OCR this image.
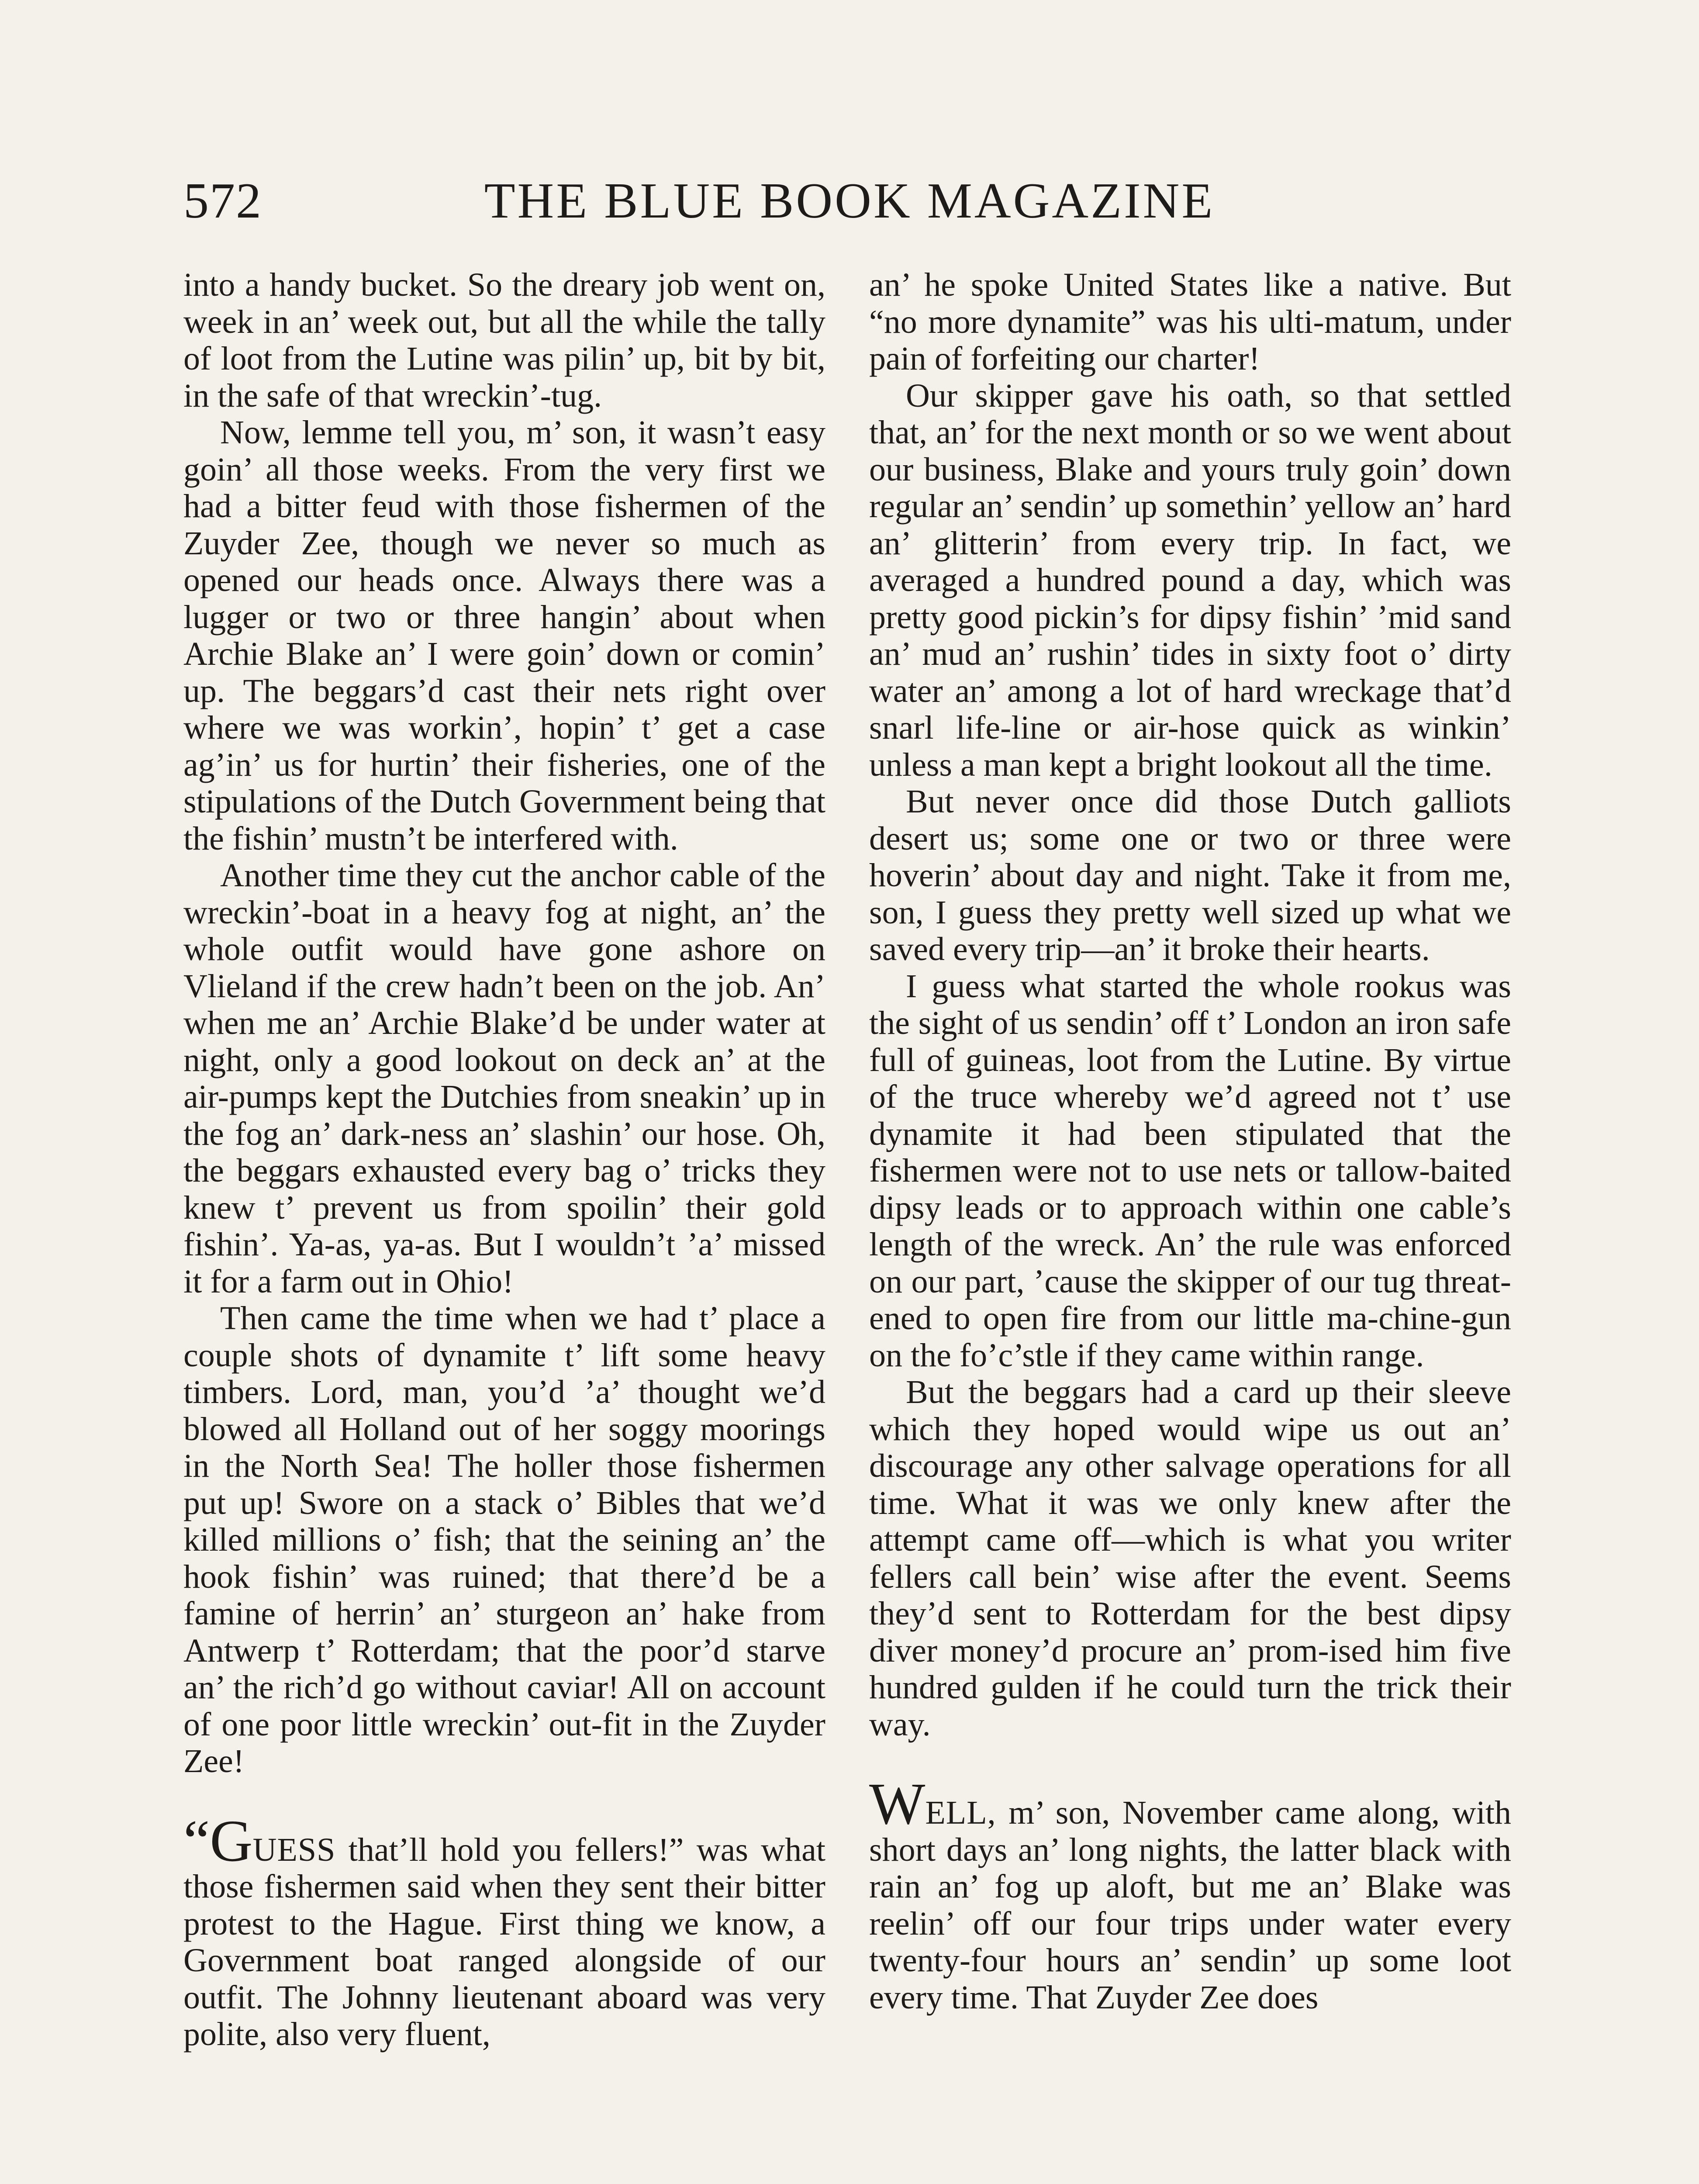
572	THE BLUE BOOK MAGAZINE

into a handy bucket. So the dreary job went on, week in an’ week out, but all the while the tally of loot from the Lutine was pilin’ up, bit by bit, in the safe of that wreckin’-tug.

Now, lemme tell you, m’ son, it wasn’t easy goin’ all those weeks. From the very first we had a bitter feud with those fishermen of the Zuyder Zee, though we never so much as opened our heads once. Always there was a lugger or two or three hangin’ about when Archie Blake an’ I were goin’ down or comin’ up. The beggars’d cast their nets right over where we was workin’, hopin’ t’ get a case ag’in’ us for hurtin’ their fisheries, one of the stipulations of the Dutch Government being that the fishin’ mustn’t be interfered with.

Another time they cut the anchor cable of the wreckin’-boat in a heavy fog at night, an’ the whole outfit would have gone ashore on Vlieland if the crew hadn’t been on the job. An’ when me an’ Archie Blake’d be under water at night, only a good lookout on deck an’ at the air-pumps kept the Dutchies from sneakin’ up in the fog an’ dark-ness an’ slashin’ our hose. Oh, the beggars exhausted every bag o’ tricks they knew t’ prevent us from spoilin’ their gold fishin’. Ya-as, ya-as. But I wouldn’t ’a’ missed it for a farm out in Ohio!

Then came the time when we had t’ place a couple shots of dynamite t’ lift some heavy timbers. Lord, man, you’d ’a’ thought we’d blowed all Holland out of her soggy moorings in the North Sea! The holler those fishermen put up! Swore on a stack o’ Bibles that we’d killed millions o’ fish; that the seining an’ the hook fishin’ was ruined; that there’d be a famine of herrin’ an’ sturgeon an’ hake from Antwerp t’ Rotterdam; that the poor’d starve an’ the rich’d go without caviar! All on account of one poor little wreckin’ out-fit in the Zuyder Zee!

“GUESS that’ll hold you fellers!” was what those fishermen said when they sent their bitter protest to the Hague. First thing we know, a Government boat ranged alongside of our outfit. The Johnny lieutenant aboard was very polite, also very fluent,

an’ he spoke United States like a native. But “no more dynamite” was his ulti-matum, under pain of forfeiting our charter!

Our skipper gave his oath, so that settled that, an’ for the next month or so we went about our business, Blake and yours truly goin’ down regular an’ sendin’ up somethin’ yellow an’ hard an’ glitterin’ from every trip. In fact, we averaged a hundred pound a day, which was pretty good pickin’s for dipsy fishin’ ’mid sand an’ mud an’ rushin’ tides in sixty foot o’ dirty water an’ among a lot of hard wreckage that’d snarl life-line or air-hose quick as winkin’ unless a man kept a bright lookout all the time.

But never once did those Dutch galliots desert us; some one or two or three were hoverin’ about day and night. Take it from me, son, I guess they pretty well sized up what we saved every trip—an’ it broke their hearts.

I guess what started the whole rookus was the sight of us sendin’ off t’ London an iron safe full of guineas, loot from the Lutine. By virtue of the truce whereby we’d agreed not t’ use dynamite it had been stipulated that the fishermen were not to use nets or tallow-baited dipsy leads or to approach within one cable’s length of the wreck. An’ the rule was enforced on our part, ’cause the skipper of our tug threat-ened to open fire from our little ma-chine-gun on the fo’c’stle if they came within range.

But the beggars had a card up their sleeve which they hoped would wipe us out an’ discourage any other salvage operations for all time. What it was we only knew after the attempt came off—which is what you writer fellers call bein’ wise after the event. Seems they’d sent to Rotterdam for the best dipsy diver money’d procure an’ prom-ised him five hundred gulden if he could turn the trick their way.

WELL, m’ son, November came along, with short days an’ long nights, the latter black with rain an’ fog up aloft, but me an’ Blake was reelin’ off our four trips under water every twenty-four hours an’ sendin’ up some loot every time. That Zuyder Zee does
